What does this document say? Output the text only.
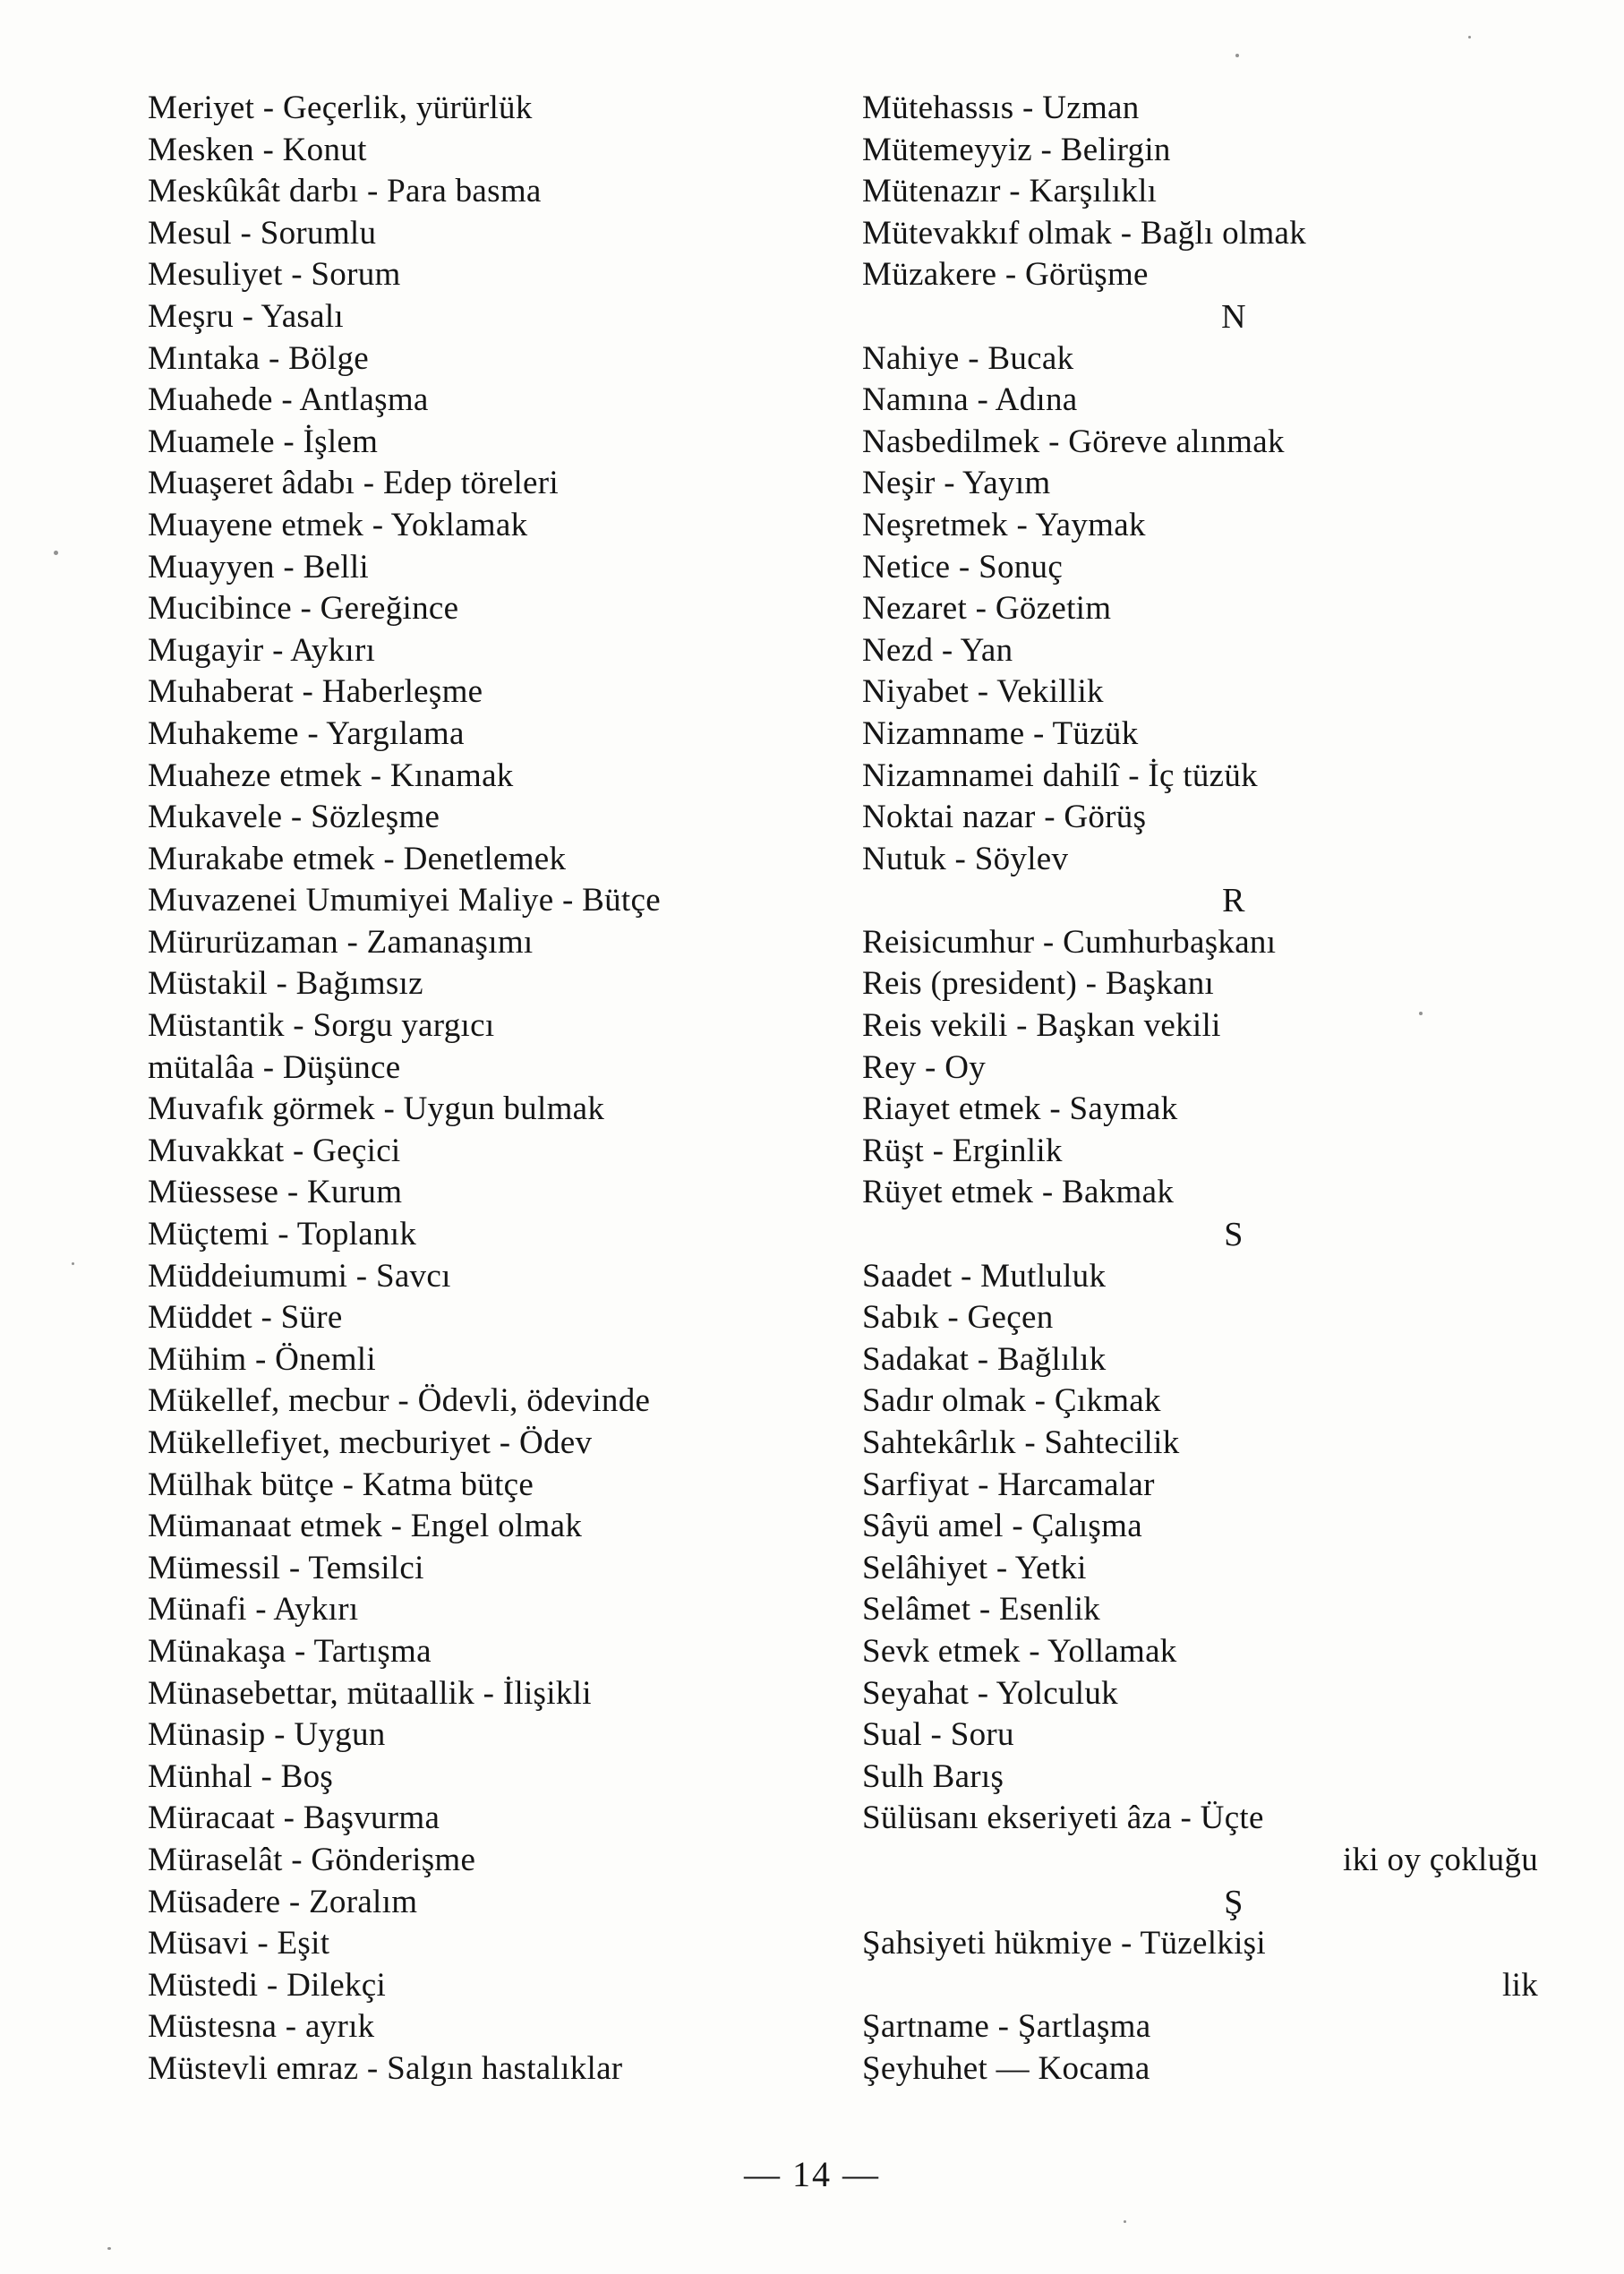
Meriyet - Geçerlik, yürürlük
Mesken - Konut
Meskûkât darbı - Para basma
Mesul - Sorumlu
Mesuliyet - Sorum
Meşru - Yasalı
Mıntaka - Bölge
Muahede - Antlaşma
Muamele - İşlem
Muaşeret âdabı - Edep töreleri
Muayene etmek - Yoklamak
Muayyen - Belli
Mucibince - Gereğince
Mugayir - Aykırı
Muhaberat - Haberleşme
Muhakeme - Yargılama
Muaheze etmek - Kınamak
Mukavele - Sözleşme
Murakabe etmek - Denetlemek
Muvazenei Umumiyei Maliye - Bütçe
Mürurüzaman - Zamanaşımı
Müstakil - Bağımsız
Müstantik - Sorgu yargıcı
mütalâa - Düşünce
Muvafık görmek - Uygun bulmak
Muvakkat - Geçici
Müessese - Kurum
Müçtemi - Toplanık
Müddeiumumi - Savcı
Müddet - Süre
Mühim - Önemli
Mükellef, mecbur - Ödevli, ödevinde
Mükellefiyet, mecburiyet - Ödev
Mülhak bütçe - Katma bütçe
Mümanaat etmek - Engel olmak
Mümessil - Temsilci
Münafi - Aykırı
Münakaşa - Tartışma
Münasebettar, mütaallik - İlişikli
Münasip - Uygun
Münhal - Boş
Müracaat - Başvurma
Müraselât - Gönderişme
Müsadere - Zoralım
Müsavi - Eşit
Müstedi - Dilekçi
Müstesna - ayrık
Müstevli emraz - Salgın hastalıklar
Mütehassıs - Uzman
Mütemeyyiz - Belirgin
Mütenazır - Karşılıklı
Mütevakkıf olmak - Bağlı olmak
Müzakere - Görüşme
N
Nahiye - Bucak
Namına - Adına
Nasbedilmek - Göreve alınmak
Neşir - Yayım
Neşretmek - Yaymak
Netice - Sonuç
Nezaret - Gözetim
Nezd - Yan
Niyabet - Vekillik
Nizamname - Tüzük
Nizamnamei dahilî - İç tüzük
Noktai nazar - Görüş
Nutuk - Söylev
R
Reisicumhur - Cumhurbaşkanı
Reis (president) - Başkanı
Reis vekili - Başkan vekili
Rey - Oy
Riayet etmek - Saymak
Rüşt - Erginlik
Rüyet etmek - Bakmak
S
Saadet - Mutluluk
Sabık - Geçen
Sadakat - Bağlılık
Sadır olmak - Çıkmak
Sahtekârlık - Sahtecilik
Sarfiyat - Harcamalar
Sâyü amel - Çalışma
Selâhiyet - Yetki
Selâmet - Esenlik
Sevk etmek - Yollamak
Seyahat - Yolculuk
Sual - Soru
Sulh Barış
Sülüsanı ekseriyeti âza - Üçte
iki oy çokluğu
Ş
Şahsiyeti hükmiye - Tüzelkişi
lik
Şartname - Şartlaşma
Şeyhuhet — Kocama
— 14 —
